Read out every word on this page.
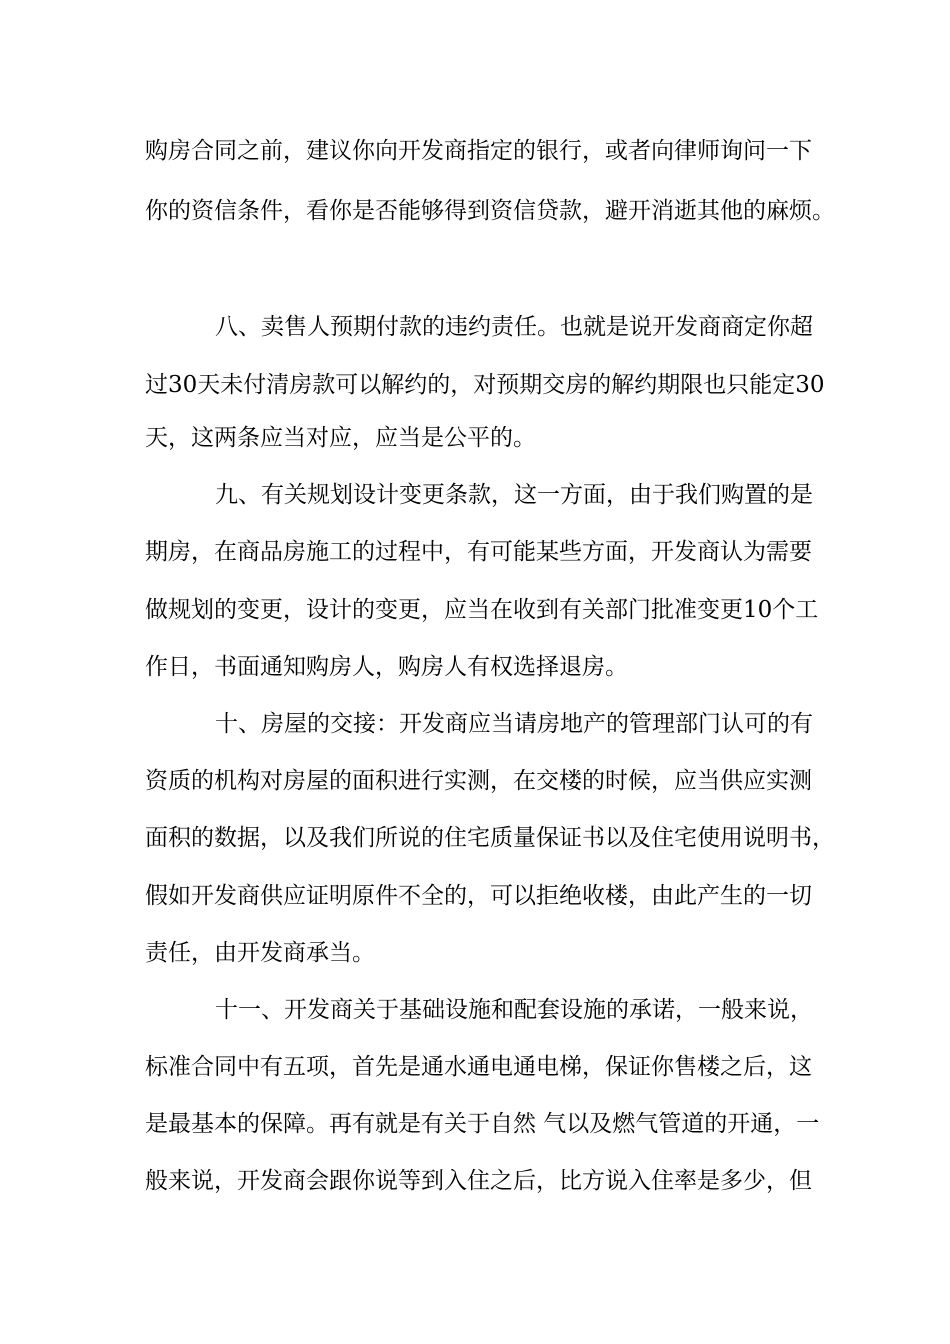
购房合同之前，建议你向开发商指定的银行，或者向律师询问一下

你的资信条件，看你是否能够得到资信贷款，避开消逝其他的麻烦。

八、卖售人预期付款的违约责任。也就是说开发商商定你超

过30天未付清房款可以解约的，对预期交房的解约期限也只能定30

天，这两条应当对应，应当是公平的。

九、有关规划设计变更条款，这一方面，由于我们购置的是

期房，在商品房施工的过程中，有可能某些方面，开发商认为需要

做规划的变更，设计的变更，应当在收到有关部门批准变更10个工

作日，书面通知购房人，购房人有权选择退房。

十、房屋的交接：开发商应当请房地产的管理部门认可的有

资质的机构对房屋的面积进行实测，在交楼的时候，应当供应实测

面积的数据，以及我们所说的住宅质量保证书以及住宅使用说明书，

假如开发商供应证明原件不全的，可以拒绝收楼，由此产生的一切

责任，由开发商承当。

十一、开发商关于基础设施和配套设施的承诺，一般来说，

标准合同中有五项，首先是通水通电通电梯，保证你售楼之后，这

是最基本的保障。再有就是有关于自然 气以及燃气管道的开通，一

般来说，开发商会跟你说等到入住之后，比方说入住率是多少，但
